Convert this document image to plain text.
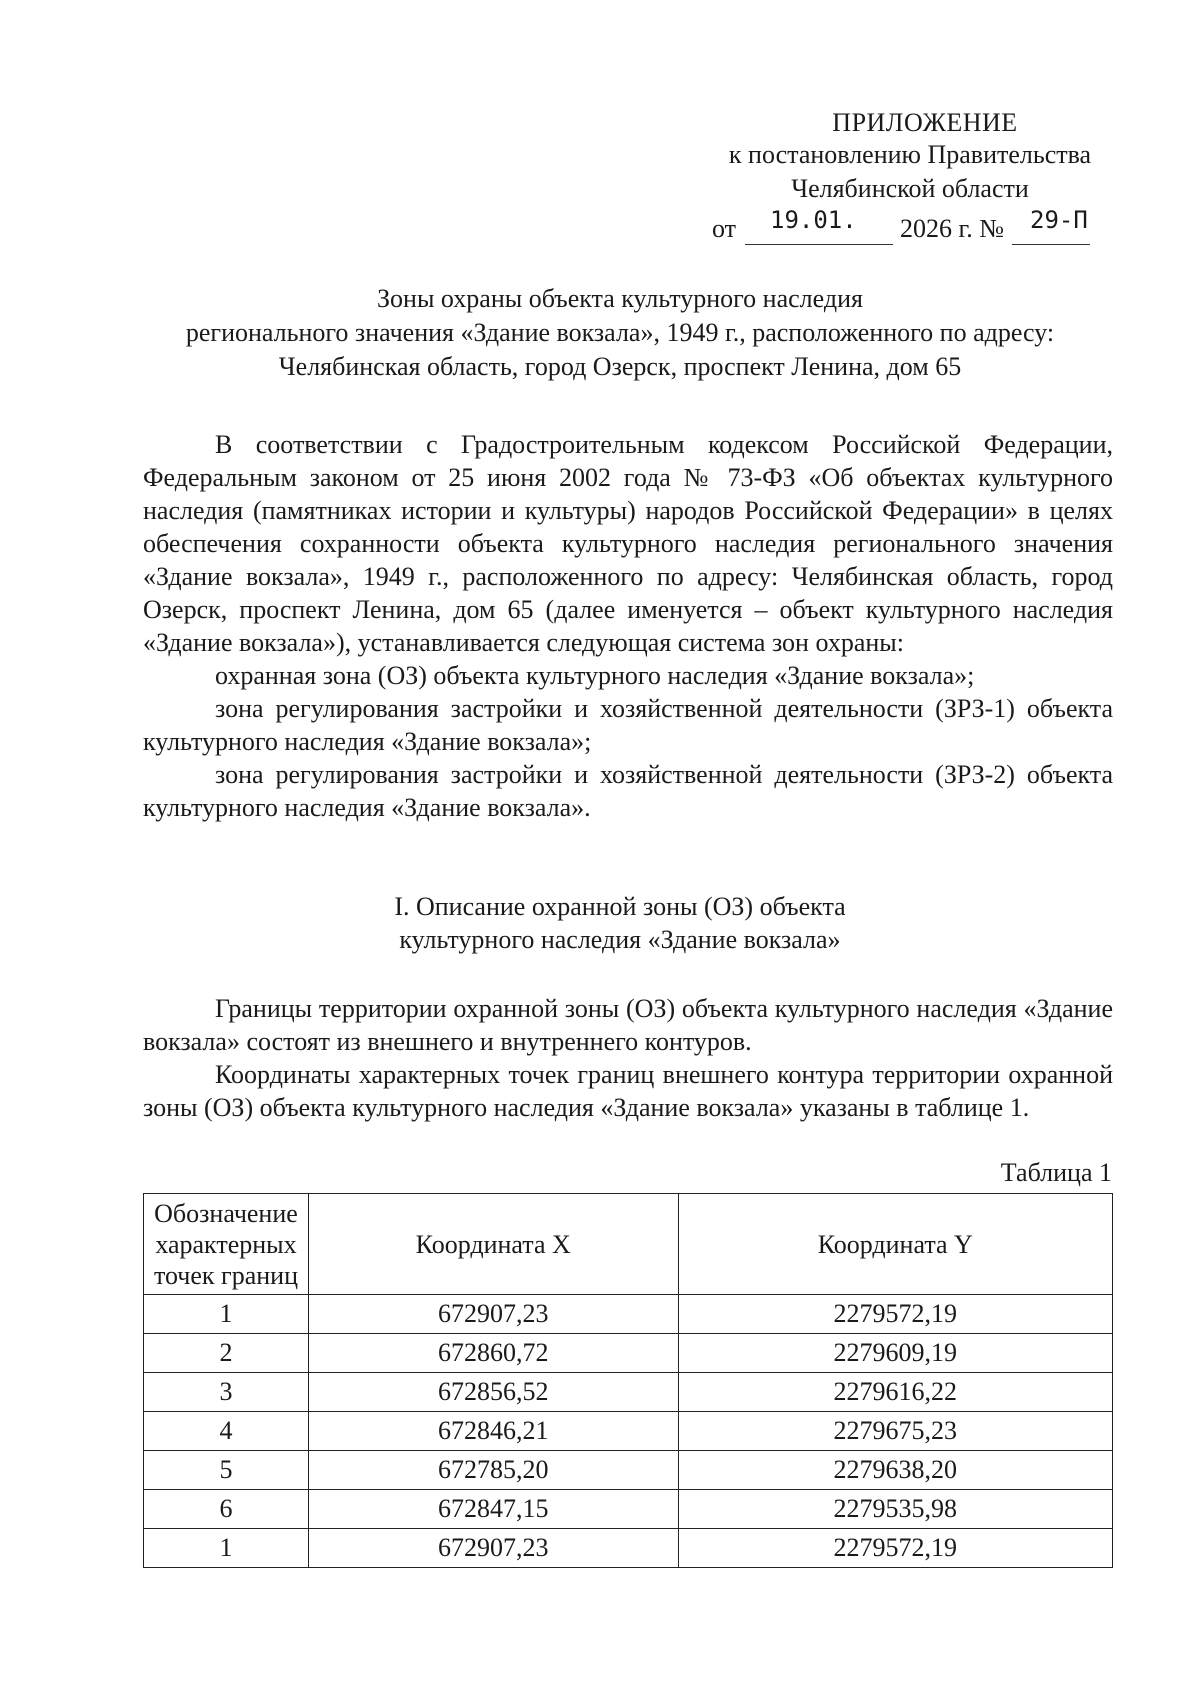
ПРИЛОЖЕНИЕ
к постановлению Правительства
Челябинской области
от 19.01. 2026 г. № 29-П
Зоны охраны объекта культурного наследия
регионального значения «Здание вокзала», 1949 г., расположенного по адресу:
Челябинская область, город Озерск, проспект Ленина, дом 65

В соответствии с Градостроительным кодексом Российской Федерации, Федеральным законом от 25 июня 2002 года № 73-ФЗ «Об объектах культурного наследия (памятниках истории и культуры) народов Российской Федерации» в целях обеспечения сохранности объекта культурного наследия регионального значения «Здание вокзала», 1949 г., расположенного по адресу: Челябинская область, город Озерск, проспект Ленина, дом 65 (далее именуется – объект культурного наследия «Здание вокзала»), устанавливается следующая система зон охраны:

охранная зона (ОЗ) объекта культурного наследия «Здание вокзала»;

зона регулирования застройки и хозяйственной деятельности (ЗРЗ-1) объекта культурного наследия «Здание вокзала»;

зона регулирования застройки и хозяйственной деятельности (ЗРЗ-2) объекта культурного наследия «Здание вокзала».

I. Описание охранной зоны (ОЗ) объекта
культурного наследия «Здание вокзала»

Границы территории охранной зоны (ОЗ) объекта культурного наследия «Здание вокзала» состоят из внешнего и внутреннего контуров.

Координаты характерных точек границ внешнего контура территории охранной зоны (ОЗ) объекта культурного наследия «Здание вокзала» указаны в таблице 1.

Таблица 1
Обозначение
характерных
точек границ	Координата X	Координата Y
1	672907,23	2279572,19
2	672860,72	2279609,19
3	672856,52	2279616,22
4	672846,21	2279675,23
5	672785,20	2279638,20
6	672847,15	2279535,98
1	672907,23	2279572,19
